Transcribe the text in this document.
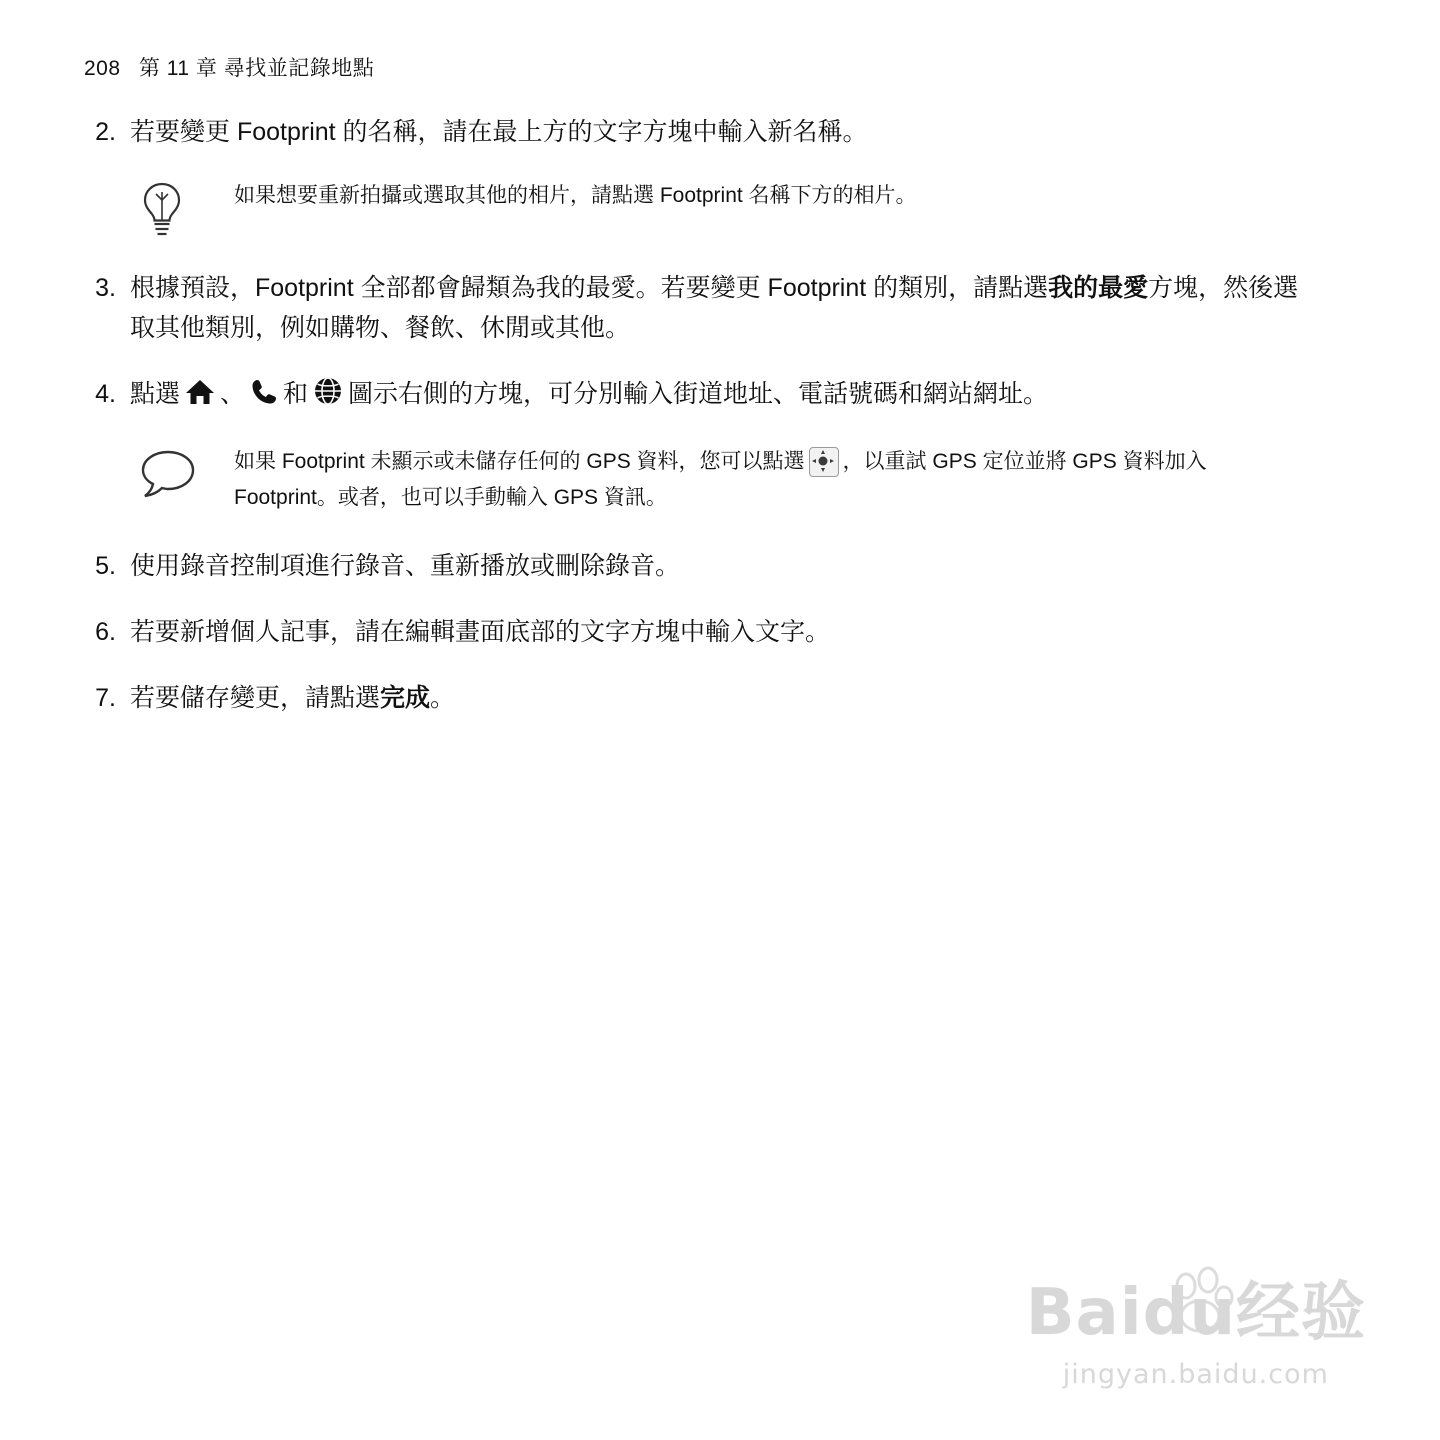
208 第 11 章 尋找並記錄地點
2. 若要變更 Footprint 的名稱，請在最上方的文字方塊中輸入新名稱。
如果想要重新拍攝或選取其他的相片，請點選 Footprint 名稱下方的相片。
3. 根據預設，Footprint 全部都會歸類為我的最愛。若要變更 Footprint 的類別，請點選我的最愛方塊，然後選取其他類別，例如購物、餐飲、休閒或其他。
4. 點選 、 和 圖示右側的方塊，可分別輸入街道地址、電話號碼和網站網址。
如果 Footprint 未顯示或未儲存任何的 GPS 資料，您可以點選 ，以重試 GPS 定位並將 GPS 資料加入 Footprint。或者，也可以手動輸入 GPS 資訊。
5. 使用錄音控制項進行錄音、重新播放或刪除錄音。
6. 若要新增個人記事，請在編輯畫面底部的文字方塊中輸入文字。
7. 若要儲存變更，請點選完成。
Baidu经验
jingyan.baidu.com
